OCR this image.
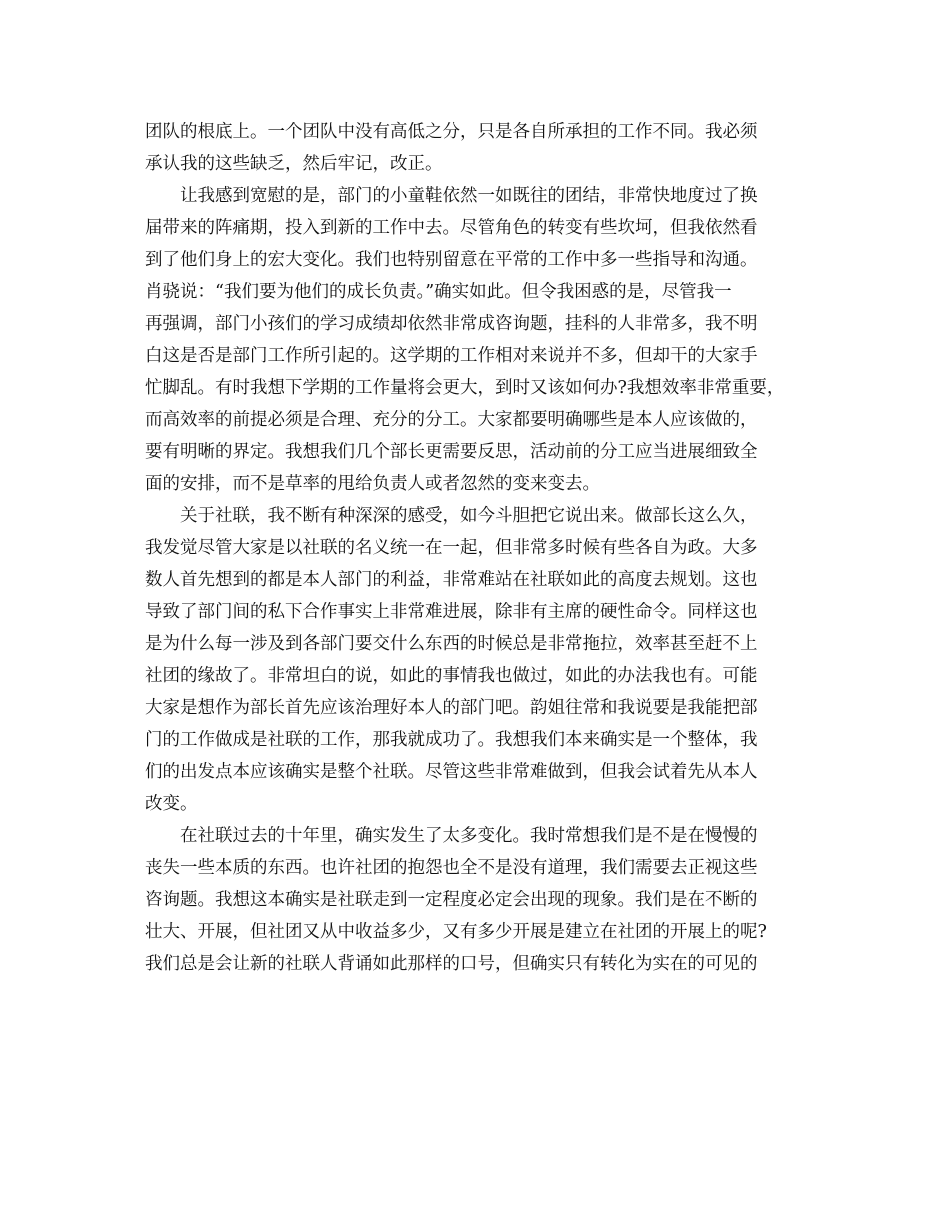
团队的根底上。一个团队中没有高低之分，只是各自所承担的工作不同。我必须
承认我的这些缺乏，然后牢记，改正。
让我感到宽慰的是，部门的小童鞋依然一如既往的团结，非常快地度过了换
届带来的阵痛期，投入到新的工作中去。尽管角色的转变有些坎坷，但我依然看
到了他们身上的宏大变化。我们也特别留意在平常的工作中多一些指导和沟通。
肖骁说：“我们要为他们的成长负责。”确实如此。但令我困惑的是，尽管我一
再强调，部门小孩们的学习成绩却依然非常成咨询题，挂科的人非常多，我不明
白这是否是部门工作所引起的。这学期的工作相对来说并不多，但却干的大家手
忙脚乱。有时我想下学期的工作量将会更大，到时又该如何办?我想效率非常重要，
而高效率的前提必须是合理、充分的分工。大家都要明确哪些是本人应该做的，
要有明晰的界定。我想我们几个部长更需要反思，活动前的分工应当进展细致全
面的安排，而不是草率的甩给负责人或者忽然的变来变去。
关于社联，我不断有种深深的感受，如今斗胆把它说出来。做部长这么久，
我发觉尽管大家是以社联的名义统一在一起，但非常多时候有些各自为政。大多
数人首先想到的都是本人部门的利益，非常难站在社联如此的高度去规划。这也
导致了部门间的私下合作事实上非常难进展，除非有主席的硬性命令。同样这也
是为什么每一涉及到各部门要交什么东西的时候总是非常拖拉，效率甚至赶不上
社团的缘故了。非常坦白的说，如此的事情我也做过，如此的办法我也有。可能
大家是想作为部长首先应该治理好本人的部门吧。韵姐往常和我说要是我能把部
门的工作做成是社联的工作，那我就成功了。我想我们本来确实是一个整体，我
们的出发点本应该确实是整个社联。尽管这些非常难做到，但我会试着先从本人
改变。
在社联过去的十年里，确实发生了太多变化。我时常想我们是不是在慢慢的
丧失一些本质的东西。也许社团的抱怨也全不是没有道理，我们需要去正视这些
咨询题。我想这本确实是社联走到一定程度必定会出现的现象。我们是在不断的
壮大、开展，但社团又从中收益多少，又有多少开展是建立在社团的开展上的呢?
我们总是会让新的社联人背诵如此那样的口号，但确实只有转化为实在的可见的
